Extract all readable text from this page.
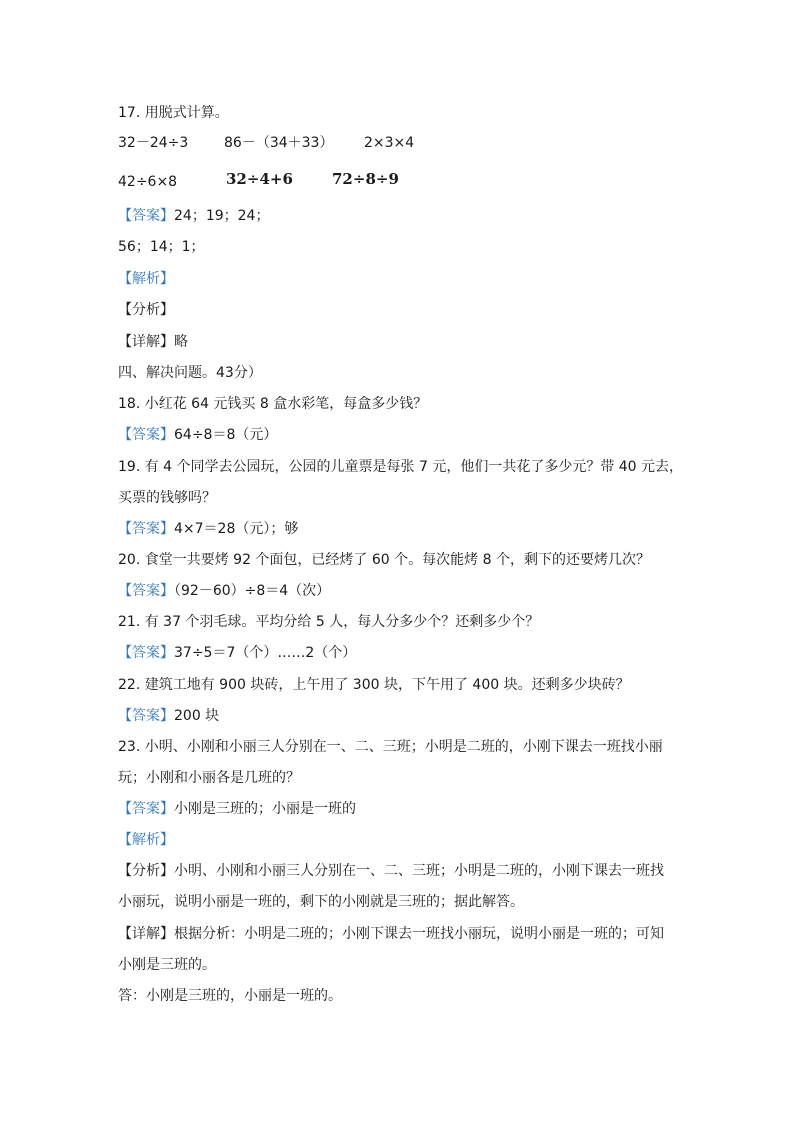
17. 用脱式计算。
32－24÷3	86－（34＋33） 2×3×4
42÷6×8	32÷4+6	72÷8÷9
【答案】24；19；24；
56；14；1；
【解析】
【分析】
【详解】略
四、解决问题。43分）
18. 小红花 64 元钱买 8 盒水彩笔，每盒多少钱？
【答案】64÷8＝8（元）
19. 有 4 个同学去公园玩，公园的儿童票是每张 7 元，他们一共花了多少元？带 40 元去，
买票的钱够吗？
【答案】4×7＝28（元）；够
20. 食堂一共要烤 92 个面包，已经烤了 60 个。每次能烤 8 个，剩下的还要烤几次？
【答案】（92－60）÷8＝4（次）
21. 有 37 个羽毛球。平均分给 5 人，每人分多少个？还剩多少个？
【答案】37÷5＝7（个）……2（个）
22. 建筑工地有 900 块砖，上午用了 300 块，下午用了 400 块。还剩多少块砖？
【答案】200 块
23. 小明、小刚和小丽三人分别在一、二、三班；小明是二班的，小刚下课去一班找小丽
玩；小刚和小丽各是几班的？
【答案】小刚是三班的；小丽是一班的
【解析】
【分析】小明、小刚和小丽三人分别在一、二、三班；小明是二班的，小刚下课去一班找
小丽玩，说明小丽是一班的，剩下的小刚就是三班的；据此解答。
【详解】根据分析：小明是二班的；小刚下课去一班找小丽玩，说明小丽是一班的；可知
小刚是三班的。
答：小刚是三班的，小丽是一班的。
